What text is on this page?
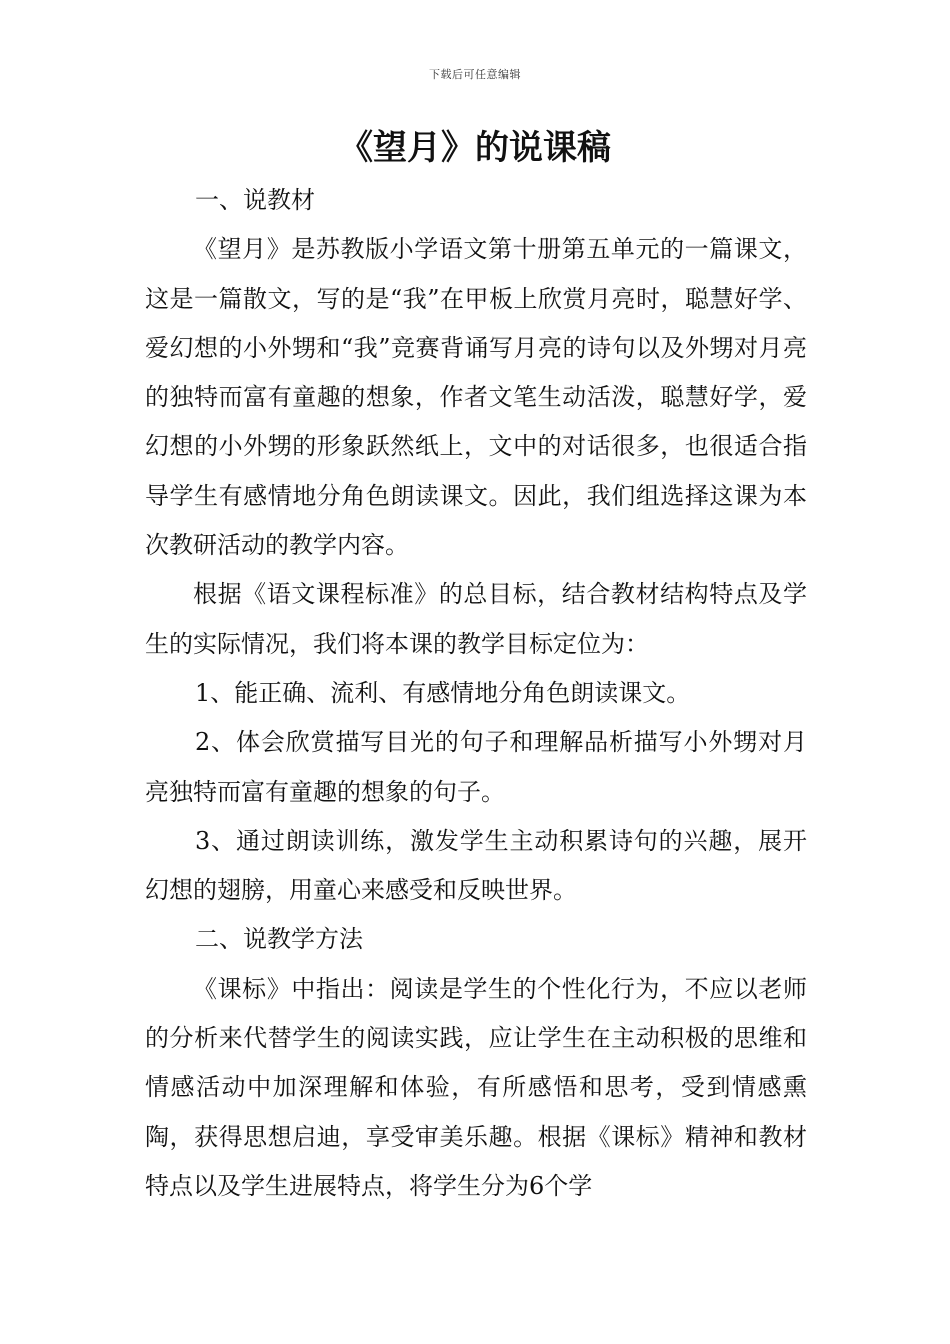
下载后可任意编辑
《望月》的说课稿

一、说教材

《望月》是苏教版小学语文第十册第五单元的一篇课文，这是一篇散文，写的是“我”在甲板上欣赏月亮时，聪慧好学、爱幻想的小外甥和“我”竞赛背诵写月亮的诗句以及外甥对月亮的独特而富有童趣的想象，作者文笔生动活泼，聪慧好学，爱幻想的小外甥的形象跃然纸上，文中的对话很多，也很适合指导学生有感情地分角色朗读课文。因此，我们组选择这课为本次教研活动的教学内容。

根据《语文课程标准》的总目标，结合教材结构特点及学生的实际情况，我们将本课的教学目标定位为：

1、能正确、流利、有感情地分角色朗读课文。

2、体会欣赏描写目光的句子和理解品析描写小外甥对月亮独特而富有童趣的想象的句子。

3、通过朗读训练，激发学生主动积累诗句的兴趣，展开幻想的翅膀，用童心来感受和反映世界。

二、说教学方法

《课标》中指出：阅读是学生的个性化行为，不应以老师的分析来代替学生的阅读实践，应让学生在主动积极的思维和情感活动中加深理解和体验，有所感悟和思考，受到情感熏陶，获得思想启迪，享受审美乐趣。根据《课标》精神和教材特点以及学生进展特点，将学生分为6个学
